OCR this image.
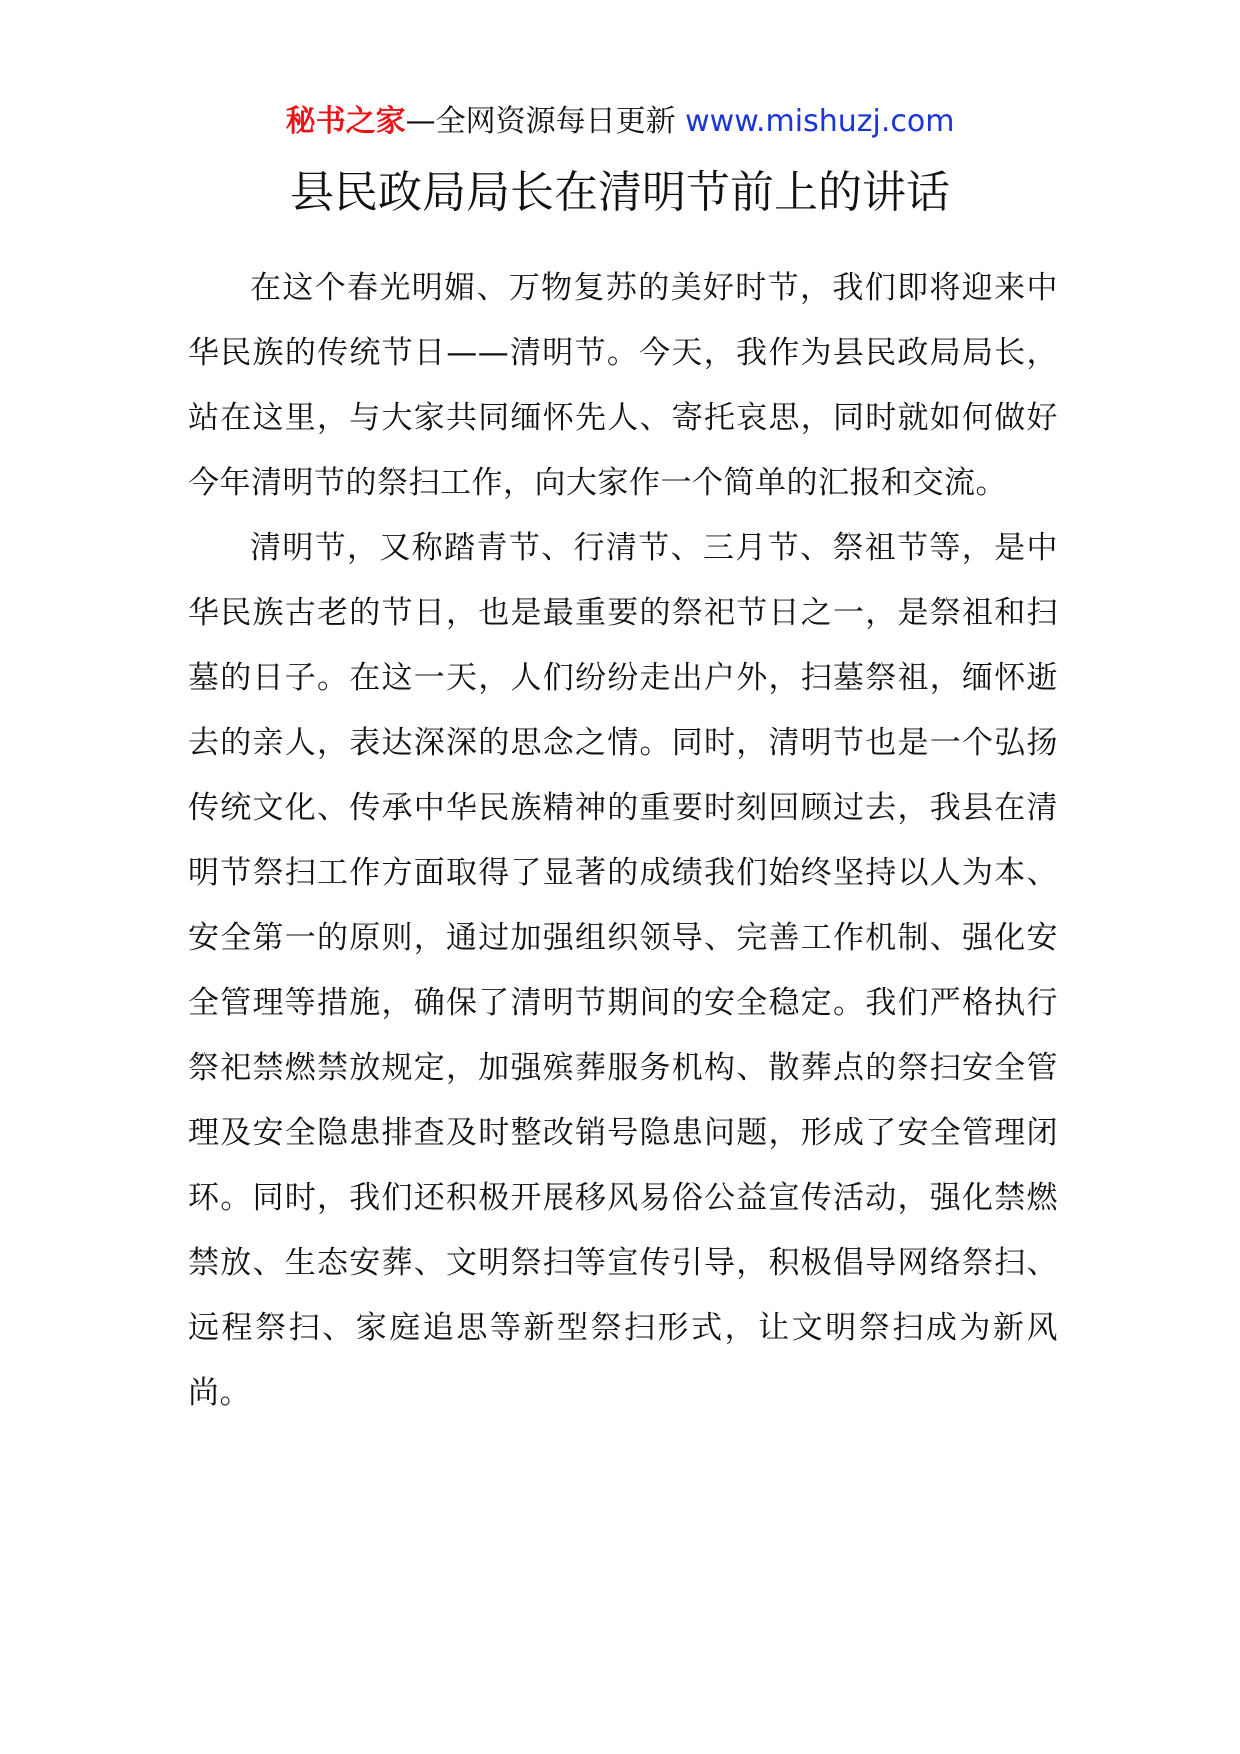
秘书之家—全网资源每日更新 www.mishuzj.com
县民政局局长在清明节前上的讲话

在这个春光明媚、万物复苏的美好时节，我们即将迎来中华民族的传统节日——清明节。今天，我作为县民政局局长，站在这里，与大家共同缅怀先人、寄托哀思，同时就如何做好今年清明节的祭扫工作，向大家作一个简单的汇报和交流。

清明节，又称踏青节、行清节、三月节、祭祖节等，是中华民族古老的节日，也是最重要的祭祀节日之一，是祭祖和扫墓的日子。在这一天，人们纷纷走出户外，扫墓祭祖，缅怀逝去的亲人，表达深深的思念之情。同时，清明节也是一个弘扬传统文化、传承中华民族精神的重要时刻回顾过去，我县在清明节祭扫工作方面取得了显著的成绩我们始终坚持以人为本、安全第一的原则，通过加强组织领导、完善工作机制、强化安全管理等措施，确保了清明节期间的安全稳定。我们严格执行祭祀禁燃禁放规定，加强殡葬服务机构、散葬点的祭扫安全管理及安全隐患排查及时整改销号隐患问题，形成了安全管理闭环。同时，我们还积极开展移风易俗公益宣传活动，强化禁燃禁放、生态安葬、文明祭扫等宣传引导，积极倡导网络祭扫、远程祭扫、家庭追思等新型祭扫形式，让文明祭扫成为新风尚。
